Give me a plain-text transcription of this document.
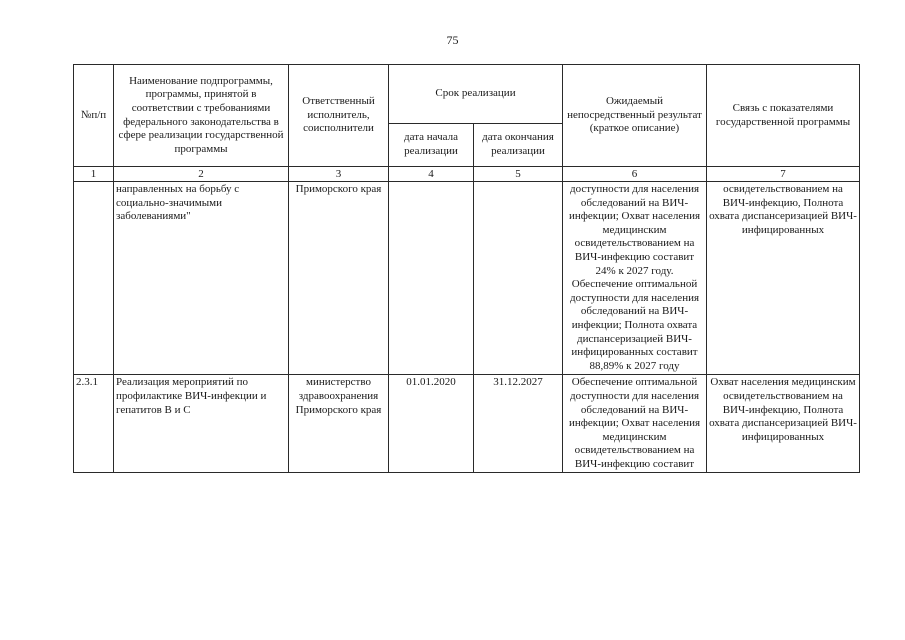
75
№п/п	Наименование подпрограммы, программы, принятой в соответствии с требованиями федерального законодательства в сфере реализации государственной программы	Ответственный исполнитель, соисполнители	Срок реализации		Ожидаемый непосредственный результат (краткое описание)	Связь с показателями государственной программы
			дата начала реализации	дата окончания реализации		
1	2	3	4	5	6	7
	направленных на борьбу с социально-значимыми заболеваниями"	Приморского края			доступности для населения обследований на ВИЧ-инфекции; Охват населения медицинским освидетельствованием на ВИЧ-инфекцию составит 24% к 2027 году. Обеспечение оптимальной доступности для населения обследований на ВИЧ-инфекции; Полнота охвата диспансеризацией ВИЧ-инфицированных составит 88,89% к 2027 году	освидетельствованием на ВИЧ-инфекцию, Полнота охвата диспансеризацией ВИЧ-инфицированных
2.3.1	Реализация мероприятий по профилактике ВИЧ-инфекции и гепатитов В и С	министерство здравоохранения Приморского края	01.01.2020	31.12.2027	Обеспечение оптимальной доступности для населения обследований на ВИЧ-инфекции; Охват населения медицинским освидетельствованием на ВИЧ-инфекцию составит	Охват населения медицинским освидетельствованием на ВИЧ-инфекцию, Полнота охвата диспансеризацией ВИЧ-инфицированных
